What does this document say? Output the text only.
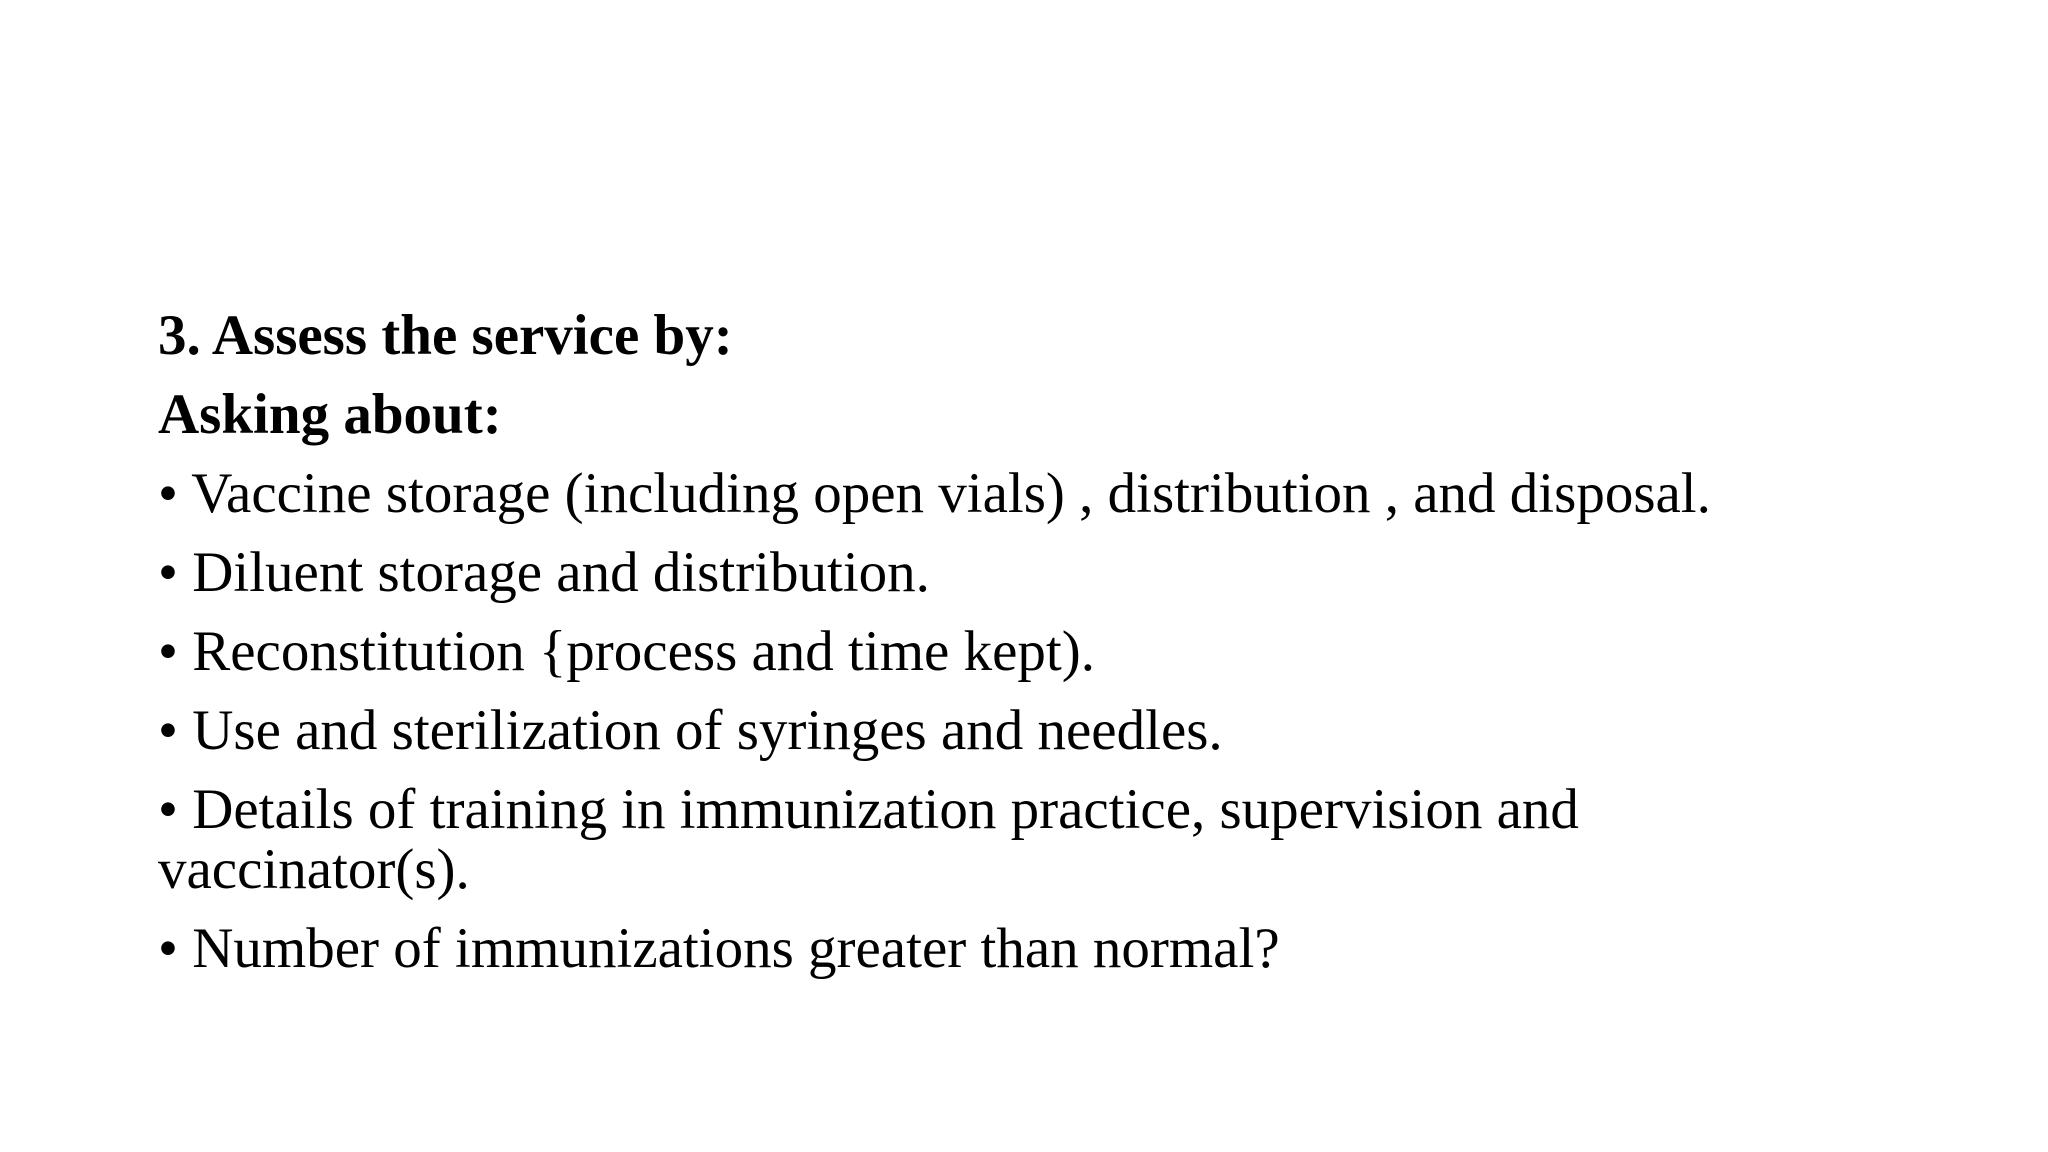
3. Assess the service by:
Asking about:
• Vaccine storage (including open vials) , distribution , and disposal.
• Diluent storage and distribution.
• Reconstitution {process and time kept).
• Use and sterilization of syringes and needles.
• Details of training in immunization practice, supervision and vaccinator(s).
• Number of immunizations greater than normal?
